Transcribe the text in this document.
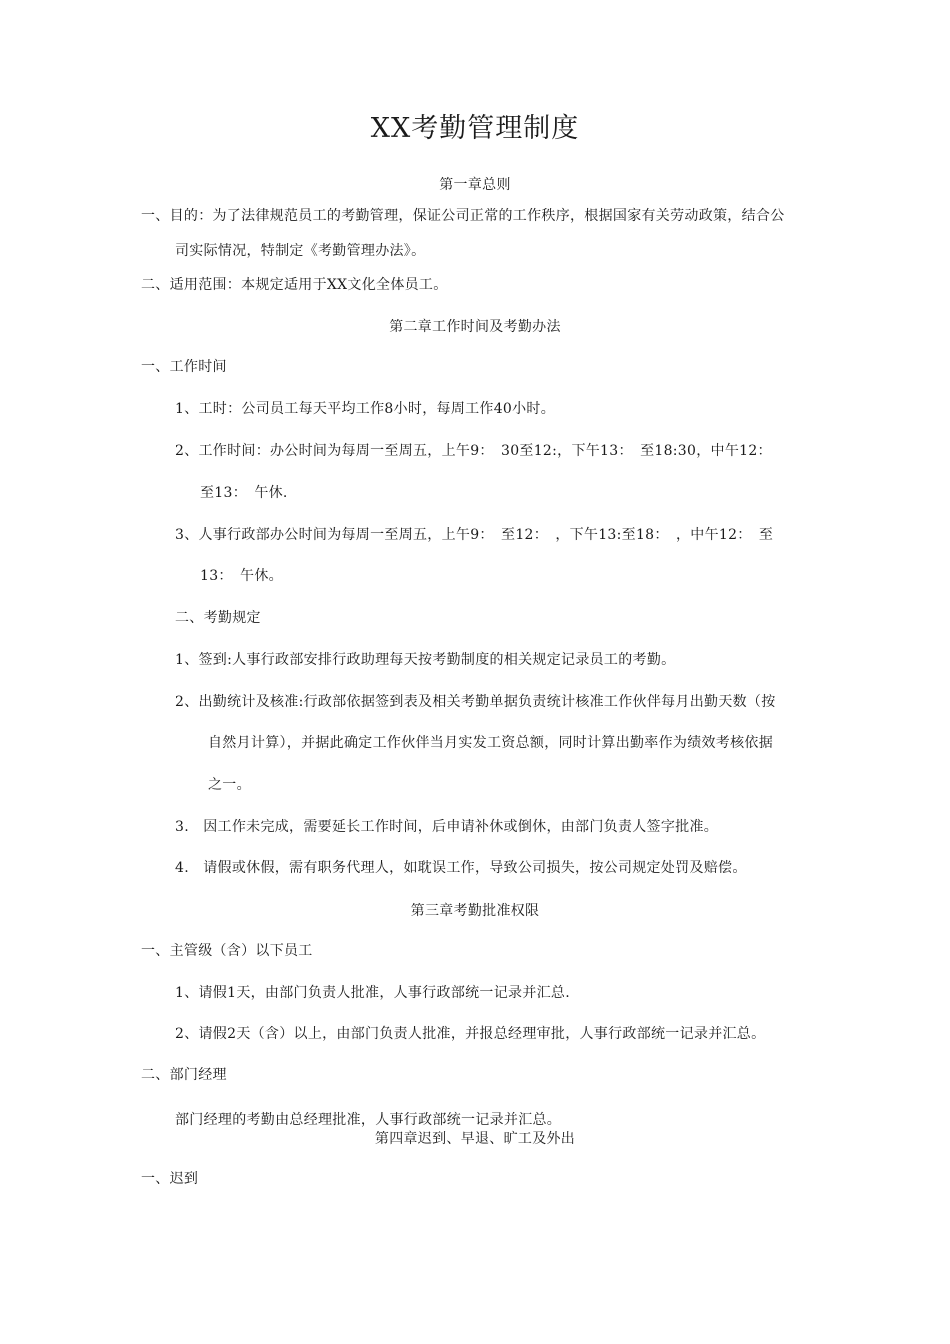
XX考勤管理制度
第一章总则
一、目的：为了法律规范员工的考勤管理，保证公司正常的工作秩序，根据国家有关劳动政策，结合公
司实际情况，特制定《考勤管理办法》。
二、适用范围：本规定适用于XX文化全体员工。
第二章工作时间及考勤办法
一、工作时间
1、工时：公司员工每天平均工作8小时，每周工作40小时。
2、工作时间：办公时间为每周一至周五，上午9：　30至12:，下午13：　至18:30，中午12：
至13：　午休.
3、人事行政部办公时间为每周一至周五，上午9：　至12：　，下午13:至18：　，中午12：　至
13：　午休。
二、考勤规定
1、签到:人事行政部安排行政助理每天按考勤制度的相关规定记录员工的考勤。
2、出勤统计及核准:行政部依据签到表及相关考勤单据负责统计核准工作伙伴每月出勤天数（按
自然月计算），并据此确定工作伙伴当月实发工资总额，同时计算出勤率作为绩效考核依据
之一。
3.　因工作未完成，需要延长工作时间，后申请补休或倒休，由部门负责人签字批准。
4.　请假或休假，需有职务代理人，如耽误工作，导致公司损失，按公司规定处罚及赔偿。
第三章考勤批准权限
一、主管级（含）以下员工
1、请假1天，由部门负责人批准，人事行政部统一记录并汇总.
2、请假2天（含）以上，由部门负责人批准，并报总经理审批，人事行政部统一记录并汇总。
二、部门经理
部门经理的考勤由总经理批准，人事行政部统一记录并汇总。
第四章迟到、早退、旷工及外出
一、迟到
